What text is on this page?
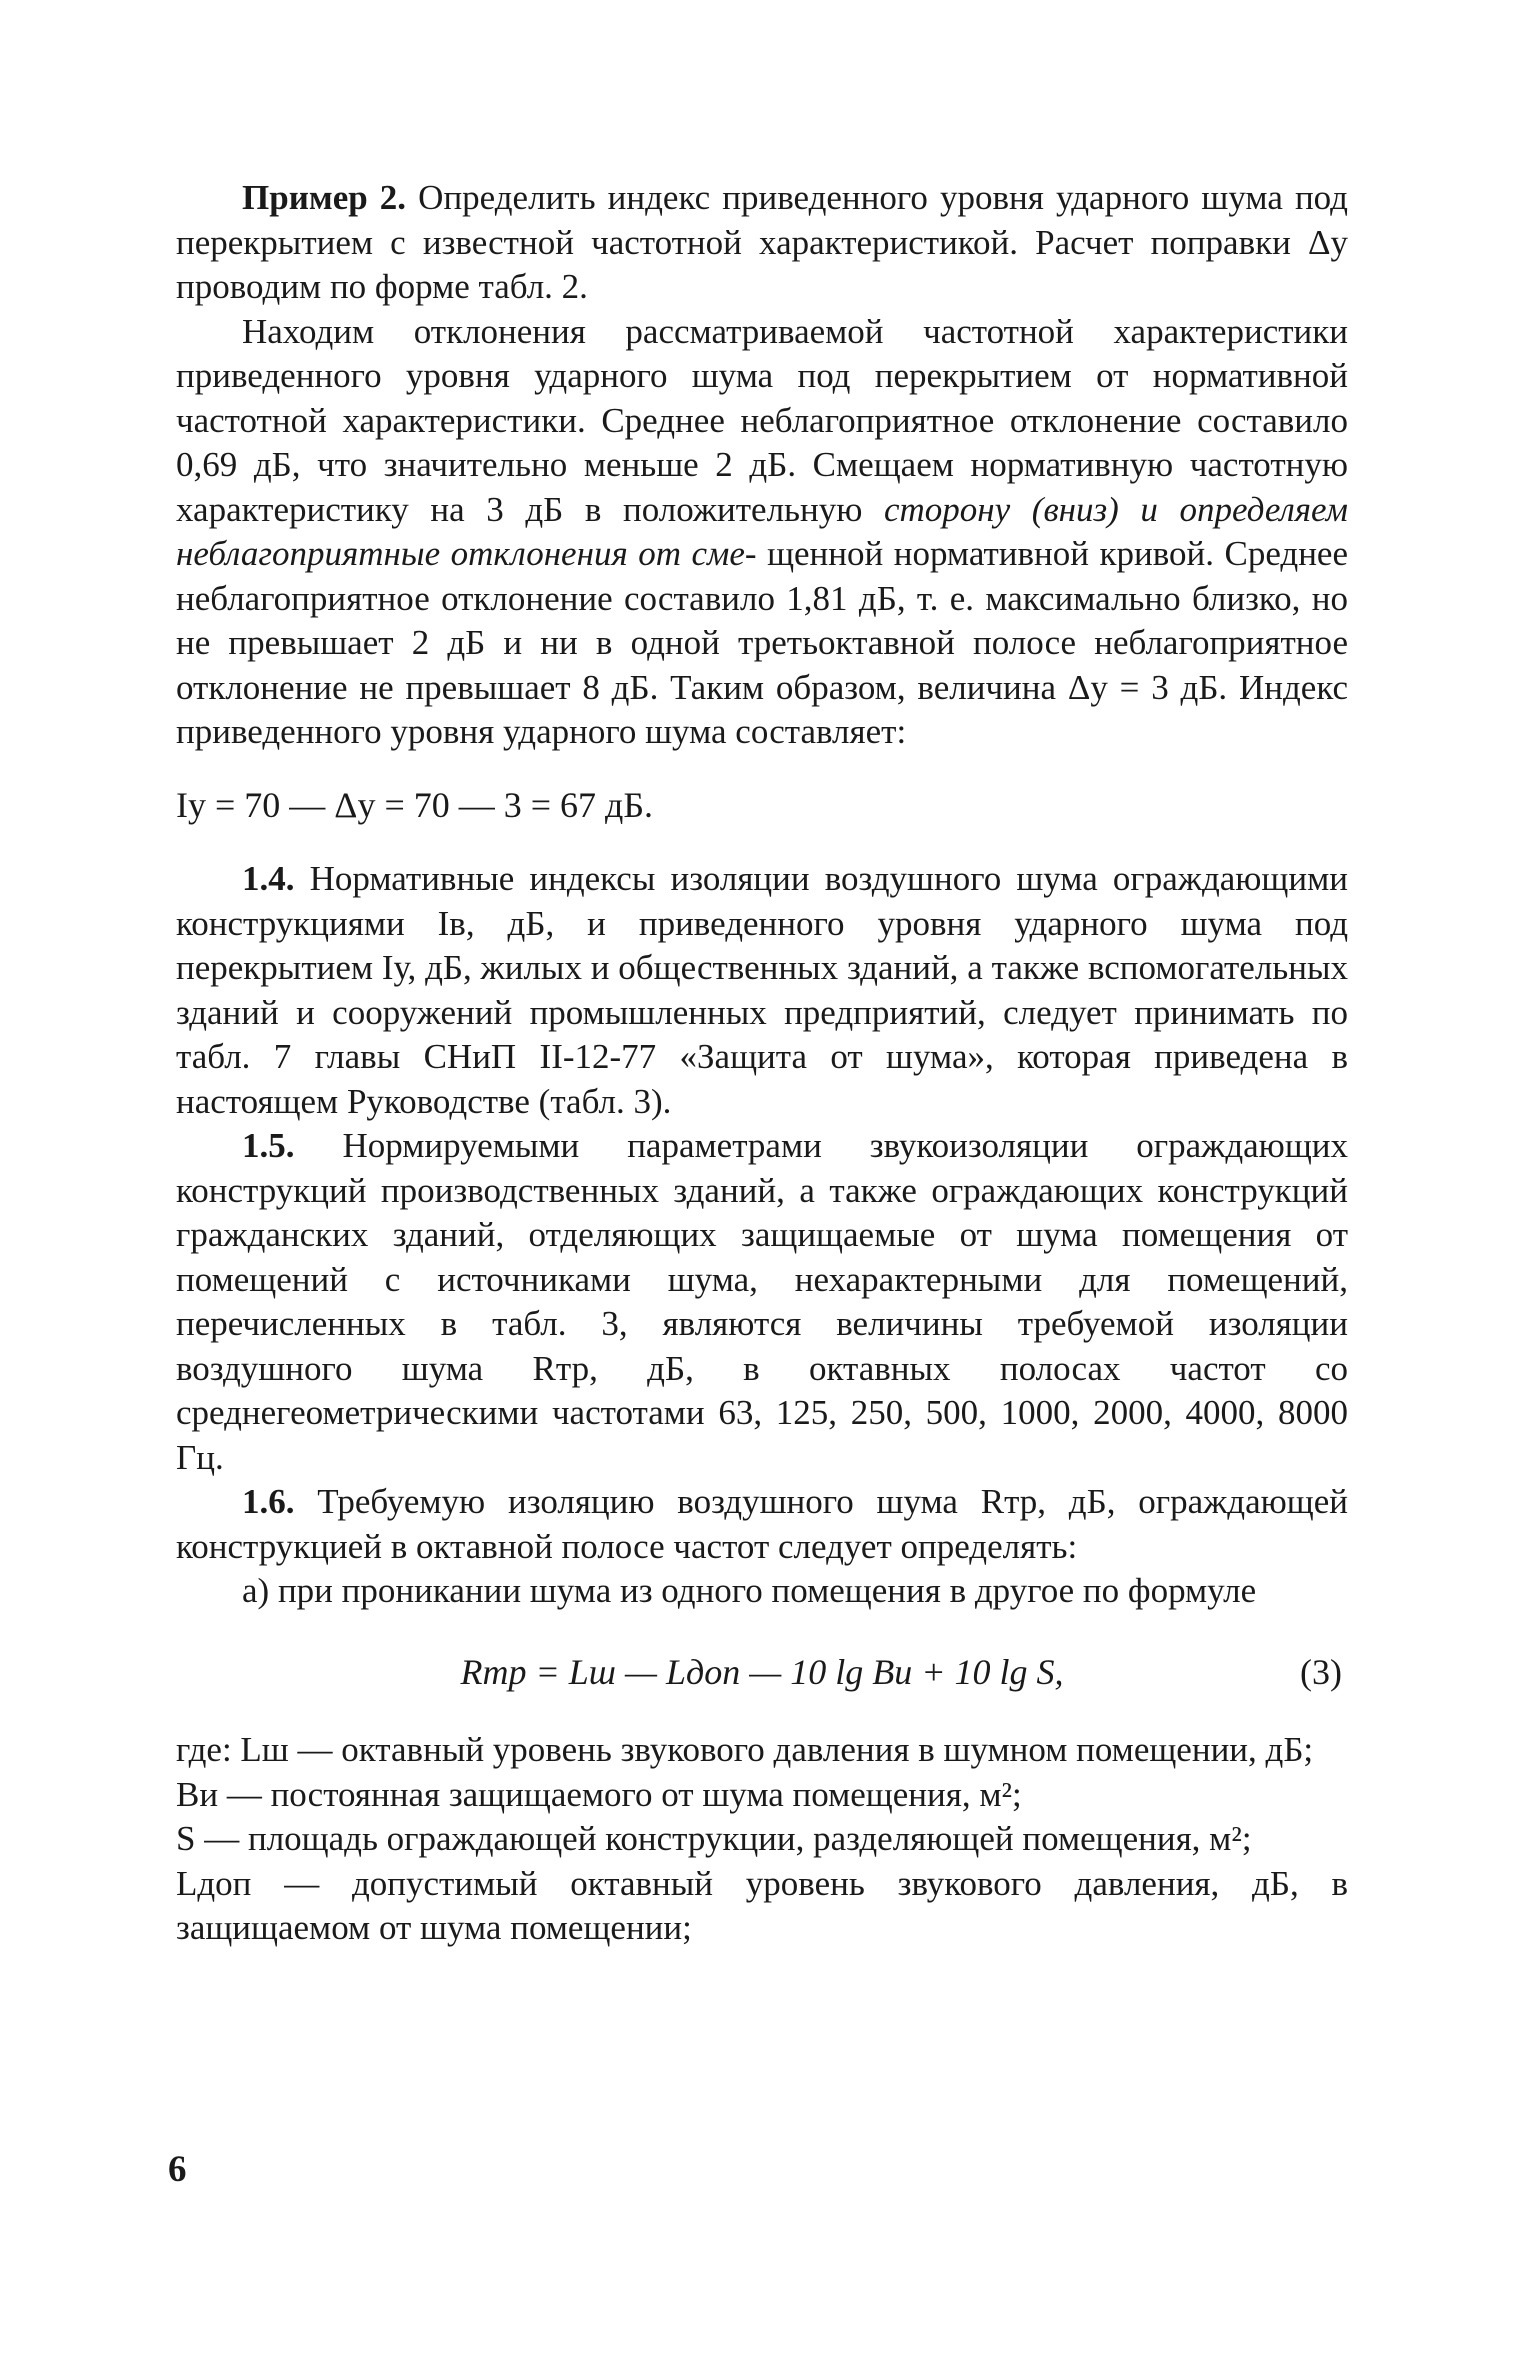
Пример 2. Определить индекс приведенного уровня ударного шума под перекрытием с известной частотной характеристикой. Расчет поправки Δу проводим по форме табл. 2.

Находим отклонения рассматриваемой частотной характеристики приведенного уровня ударного шума под перекрытием от нормативной частотной характеристики. Среднее неблагоприятное отклонение составило 0,69 дБ, что значительно меньше 2 дБ. Смещаем нормативную частотную характеристику на 3 дБ в положительную сторону (вниз) и определяем неблагоприятные отклонения от сме- щенной нормативной кривой. Среднее неблагоприятное отклонение составило 1,81 дБ, т. е. максимально близко, но не превышает 2 дБ и ни в одной третьоктавной полосе неблагоприятное отклонение не превышает 8 дБ. Таким образом, величина Δу = 3 дБ. Индекс приведенного уровня ударного шума составляет:

Iу = 70 — Δу = 70 — 3 = 67 дБ.

1.4. Нормативные индексы изоляции воздушного шума ограждающими конструкциями Iв, дБ, и приведенного уровня ударного шума под перекрытием Iу, дБ, жилых и общественных зданий, а также вспомогательных зданий и сооружений промышленных предприятий, следует принимать по табл. 7 главы СНиП II-12-77 «Защита от шума», которая приведена в настоящем Руководстве (табл. 3).

1.5. Нормируемыми параметрами звукоизоляции ограждающих конструкций производственных зданий, а также ограждающих конструкций гражданских зданий, отделяющих защищаемые от шума помещения от помещений с источниками шума, нехарактерными для помещений, перечисленных в табл. 3, являются величины требуемой изоляции воздушного шума Rтр, дБ, в октавных полосах частот со среднегеометрическими частотами 63, 125, 250, 500, 1000, 2000, 4000, 8000 Гц.

1.6. Требуемую изоляцию воздушного шума Rтр, дБ, ограждающей конструкцией в октавной полосе частот следует определять:

а) при проникании шума из одного помещения в другое по формуле

Rтр = Lш — Lдоп — 10 lg Bи + 10 lg S,	(3)

где: Lш — октавный уровень звукового давления в шумном помещении, дБ;

Bи — постоянная защищаемого от шума помещения, м²;

S — площадь ограждающей конструкции, разделяющей помещения, м²;

Lдоп — допустимый октавный уровень звукового давления, дБ, в защищаемом от шума помещении;

6
